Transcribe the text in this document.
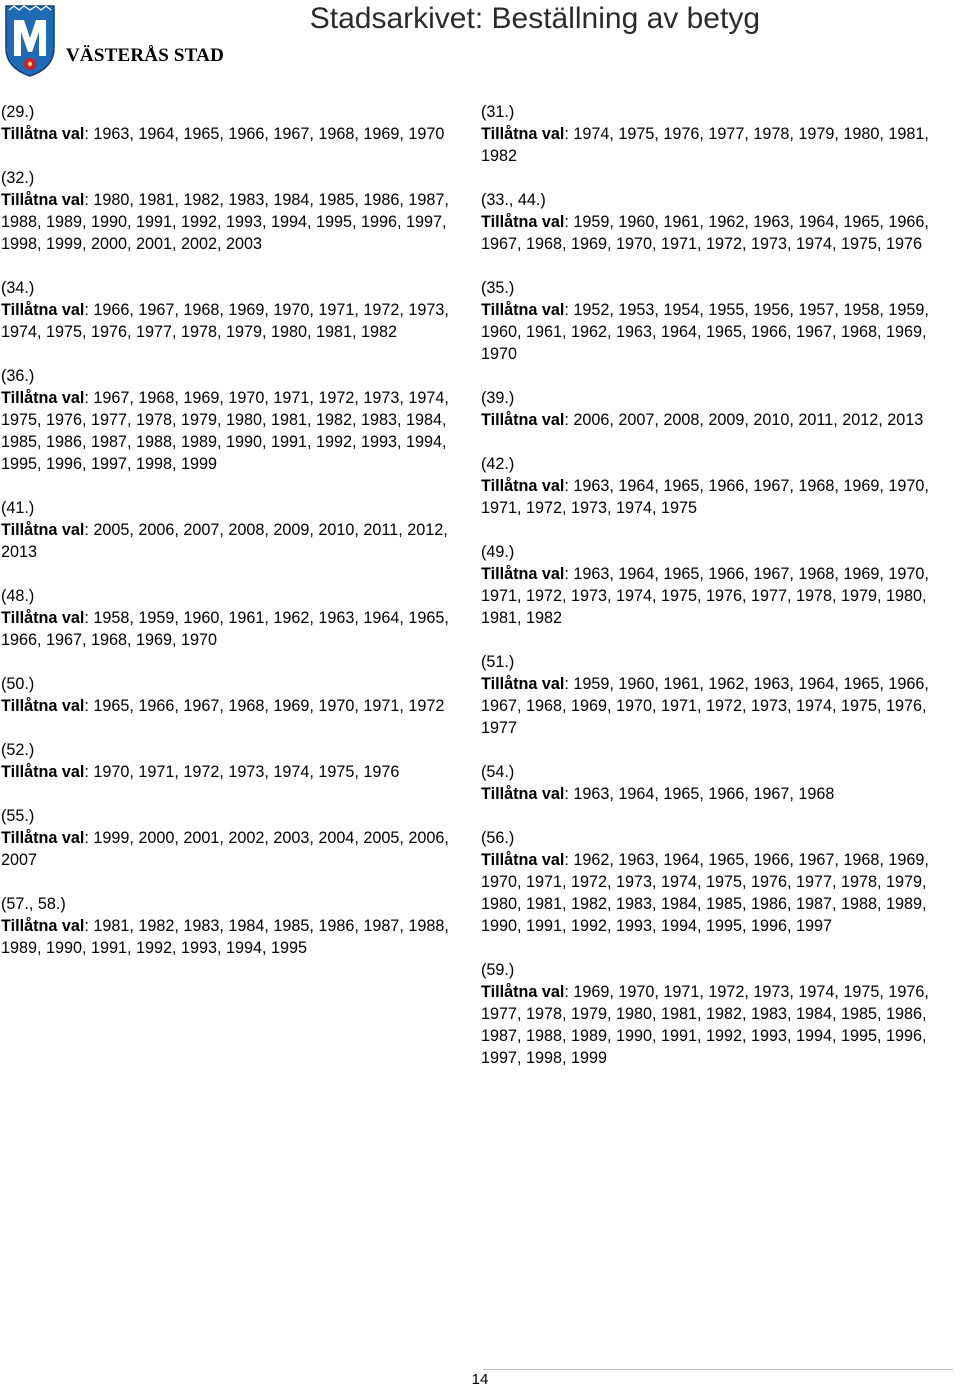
VÄSTERÅS STAD
Stadsarkivet: Beställning av betyg
(29.)
Tillåtna val: 1963, 1964, 1965, 1966, 1967, 1968, 1969, 1970
(32.)
Tillåtna val: 1980, 1981, 1982, 1983, 1984, 1985, 1986, 1987, 1988, 1989, 1990, 1991, 1992, 1993, 1994, 1995, 1996, 1997, 1998, 1999, 2000, 2001, 2002, 2003
(34.)
Tillåtna val: 1966, 1967, 1968, 1969, 1970, 1971, 1972, 1973, 1974, 1975, 1976, 1977, 1978, 1979, 1980, 1981, 1982
(36.)
Tillåtna val: 1967, 1968, 1969, 1970, 1971, 1972, 1973, 1974, 1975, 1976, 1977, 1978, 1979, 1980, 1981, 1982, 1983, 1984, 1985, 1986, 1987, 1988, 1989, 1990, 1991, 1992, 1993, 1994, 1995, 1996, 1997, 1998, 1999
(41.)
Tillåtna val: 2005, 2006, 2007, 2008, 2009, 2010, 2011, 2012, 2013
(48.)
Tillåtna val: 1958, 1959, 1960, 1961, 1962, 1963, 1964, 1965, 1966, 1967, 1968, 1969, 1970
(50.)
Tillåtna val: 1965, 1966, 1967, 1968, 1969, 1970, 1971, 1972
(52.)
Tillåtna val: 1970, 1971, 1972, 1973, 1974, 1975, 1976
(55.)
Tillåtna val: 1999, 2000, 2001, 2002, 2003, 2004, 2005, 2006, 2007
(57., 58.)
Tillåtna val: 1981, 1982, 1983, 1984, 1985, 1986, 1987, 1988, 1989, 1990, 1991, 1992, 1993, 1994, 1995
(31.)
Tillåtna val: 1974, 1975, 1976, 1977, 1978, 1979, 1980, 1981, 1982
(33., 44.)
Tillåtna val: 1959, 1960, 1961, 1962, 1963, 1964, 1965, 1966, 1967, 1968, 1969, 1970, 1971, 1972, 1973, 1974, 1975, 1976
(35.)
Tillåtna val: 1952, 1953, 1954, 1955, 1956, 1957, 1958, 1959, 1960, 1961, 1962, 1963, 1964, 1965, 1966, 1967, 1968, 1969, 1970
(39.)
Tillåtna val: 2006, 2007, 2008, 2009, 2010, 2011, 2012, 2013
(42.)
Tillåtna val: 1963, 1964, 1965, 1966, 1967, 1968, 1969, 1970, 1971, 1972, 1973, 1974, 1975
(49.)
Tillåtna val: 1963, 1964, 1965, 1966, 1967, 1968, 1969, 1970, 1971, 1972, 1973, 1974, 1975, 1976, 1977, 1978, 1979, 1980, 1981, 1982
(51.)
Tillåtna val: 1959, 1960, 1961, 1962, 1963, 1964, 1965, 1966, 1967, 1968, 1969, 1970, 1971, 1972, 1973, 1974, 1975, 1976, 1977
(54.)
Tillåtna val: 1963, 1964, 1965, 1966, 1967, 1968
(56.)
Tillåtna val: 1962, 1963, 1964, 1965, 1966, 1967, 1968, 1969, 1970, 1971, 1972, 1973, 1974, 1975, 1976, 1977, 1978, 1979, 1980, 1981, 1982, 1983, 1984, 1985, 1986, 1987, 1988, 1989, 1990, 1991, 1992, 1993, 1994, 1995, 1996, 1997
(59.)
Tillåtna val: 1969, 1970, 1971, 1972, 1973, 1974, 1975, 1976, 1977, 1978, 1979, 1980, 1981, 1982, 1983, 1984, 1985, 1986, 1987, 1988, 1989, 1990, 1991, 1992, 1993, 1994, 1995, 1996, 1997, 1998, 1999
14
